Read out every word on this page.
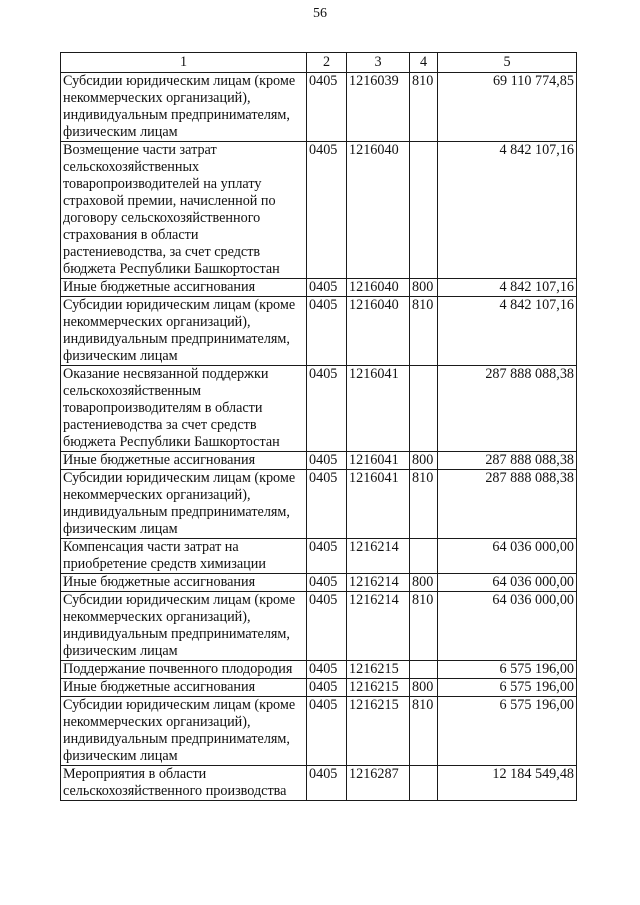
56
1	2	3	4	5
Субсидии юридическим лицам (кроме некоммерческих организаций), индивидуальным предпринимателям, физическим лицам	0405	1216039	810	69 110 774,85
Возмещение части затрат сельскохозяйственных товаропроизводителей на уплату страховой премии, начисленной по договору сельскохозяйственного страхования в области растениеводства, за счет средств бюджета Республики Башкортостан	0405	1216040		4 842 107,16
Иные бюджетные ассигнования	0405	1216040	800	4 842 107,16
Субсидии юридическим лицам (кроме некоммерческих организаций), индивидуальным предпринимателям, физическим лицам	0405	1216040	810	4 842 107,16
Оказание несвязанной поддержки сельскохозяйственным товаропроизводителям в области растениеводства за счет средств бюджета Республики Башкортостан	0405	1216041		287 888 088,38
Иные бюджетные ассигнования	0405	1216041	800	287 888 088,38
Субсидии юридическим лицам (кроме некоммерческих организаций), индивидуальным предпринимателям, физическим лицам	0405	1216041	810	287 888 088,38
Компенсация части затрат на приобретение средств химизации	0405	1216214		64 036 000,00
Иные бюджетные ассигнования	0405	1216214	800	64 036 000,00
Субсидии юридическим лицам (кроме некоммерческих организаций), индивидуальным предпринимателям, физическим лицам	0405	1216214	810	64 036 000,00
Поддержание почвенного плодородия	0405	1216215		6 575 196,00
Иные бюджетные ассигнования	0405	1216215	800	6 575 196,00
Субсидии юридическим лицам (кроме некоммерческих организаций), индивидуальным предпринимателям, физическим лицам	0405	1216215	810	6 575 196,00
Мероприятия в области сельскохозяйственного производства	0405	1216287		12 184 549,48
